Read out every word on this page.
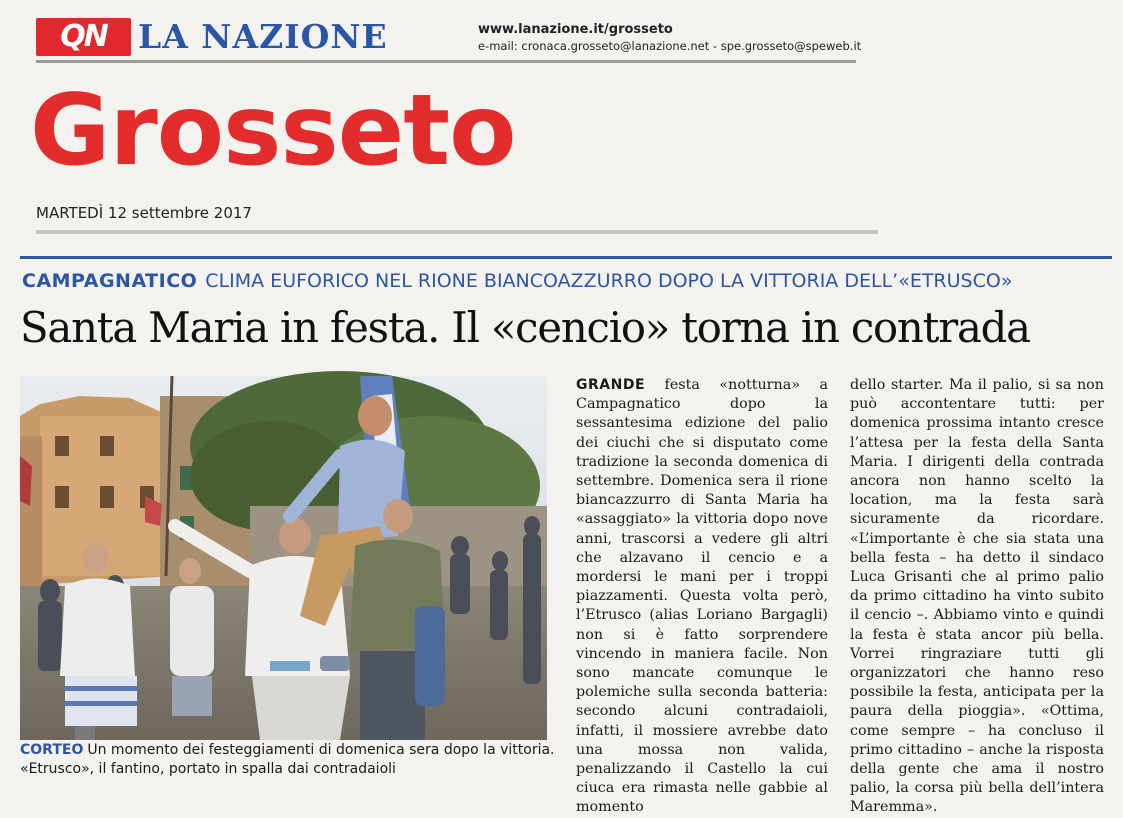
QN LA NAZIONE	www.lanazione.it/grosseto
e-mail: cronaca.grosseto@lanazione.net - spe.grosseto@speweb.it
Grosseto
MARTEDÌ 12 settembre 2017
CAMPAGNATICO CLIMA EUFORICO NEL RIONE BIANCOAZZURRO DOPO LA VITTORIA DELL’«ETRUSCO»
Santa Maria in festa. Il «cencio» torna in contrada
CORTEO Un momento dei festeggiamenti di domenica sera dopo la vittoria. «Etrusco», il fantino, portato in spalla dai contradaioli

GRANDE festa «notturna» a Campagnatico dopo la sessantesima edizione del palio dei ciuchi che si disputato come tradizione la seconda domenica di settembre. Domenica sera il rione biancazzurro di Santa Maria ha «assaggiato» la vittoria dopo nove anni, trascorsi a vedere gli altri che alzavano il cencio e a mordersi le mani per i troppi piazzamenti. Questa volta però, l’Etrusco (alias Loriano Bargagli) non si è fatto sorprendere vincendo in maniera facile. Non sono mancate comunque le polemiche sulla seconda batteria: secondo alcuni contradaioli, infatti, il mossiere avrebbe dato una mossa non valida, penalizzando il Castello la cui ciuca era rimasta nelle gabbie al momento

dello starter. Ma il palio, si sa non può accontentare tutti: per domenica prossima intanto cresce l’attesa per la festa della Santa Maria. I dirigenti della contrada ancora non hanno scelto la location, ma la festa sarà sicuramente da ricordare. «L’importante è che sia stata una bella festa – ha detto il sindaco Luca Grisanti che al primo palio da primo cittadino ha vinto subito il cencio –. Abbiamo vinto e quindi la festa è stata ancor più bella. Vorrei ringraziare tutti gli organizzatori che hanno reso possibile la festa, anticipata per la paura della pioggia». «Ottima, come sempre – ha concluso il primo cittadino – anche la risposta della gente che ama il nostro palio, la corsa più bella dell’intera Maremma».
